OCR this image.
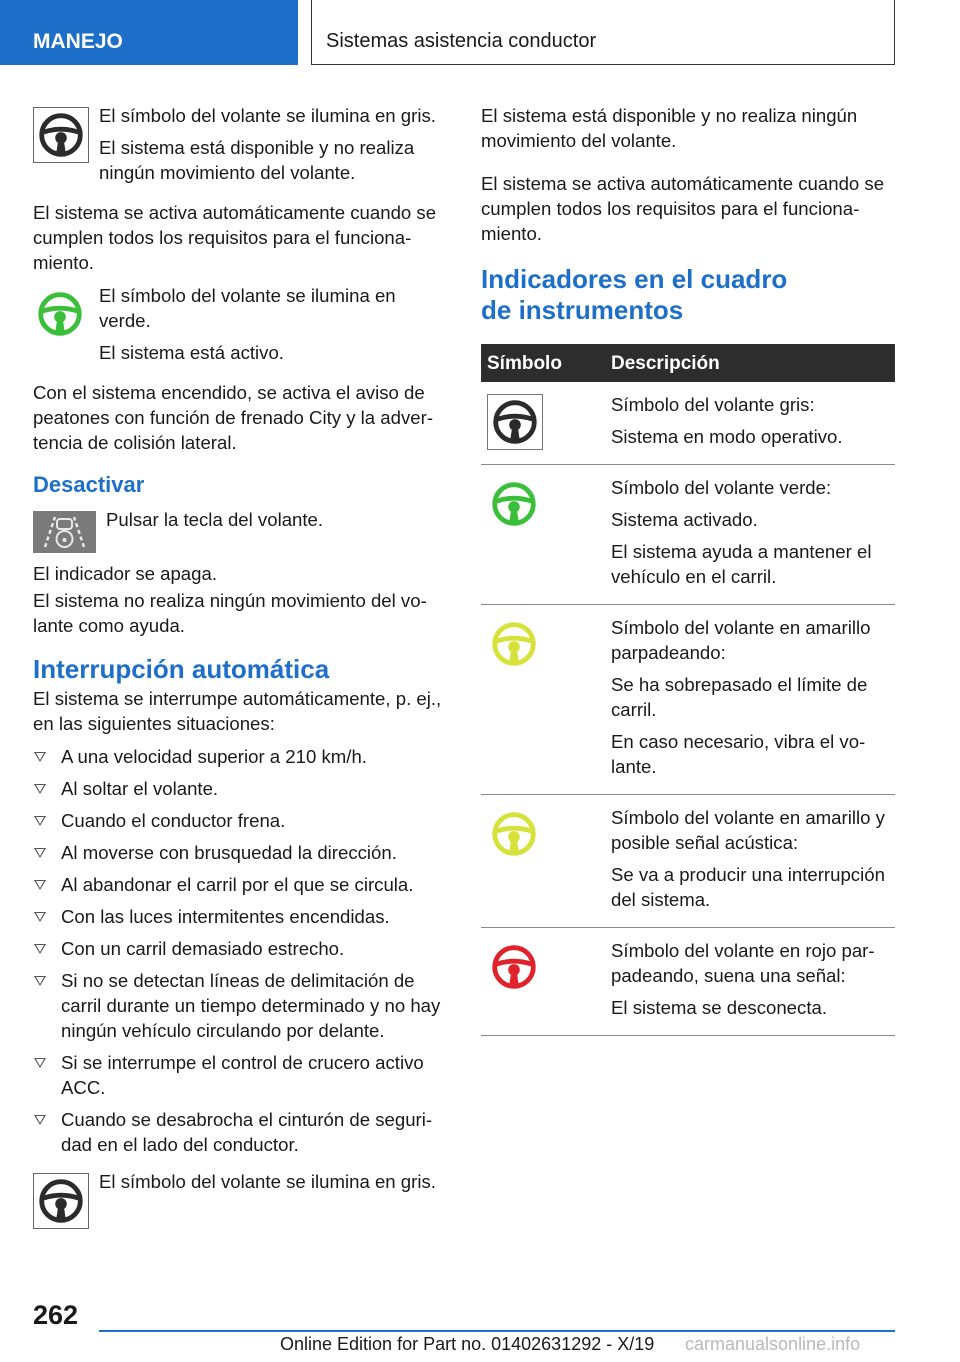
MANEJO	Sistemas asistencia conductor

El símbolo del volante se ilumina en gris.

El sistema está disponible y no realiza ningún movimiento del volante.

El sistema se activa automáticamente cuando se cumplen todos los requisitos para el funcionamiento.

El símbolo del volante se ilumina en verde.

El sistema está activo.

Con el sistema encendido, se activa el aviso de peatones con función de frenado City y la advertencia de colisión lateral.

Desactivar

Pulsar la tecla del volante.

El indicador se apaga.

El sistema no realiza ningún movimiento del volante como ayuda.

Interrupción automática

El sistema se interrumpe automáticamente, p. ej., en las siguientes situaciones:

A una velocidad superior a 210 km/h.
Al soltar el volante.
Cuando el conductor frena.
Al moverse con brusquedad la dirección.
Al abandonar el carril por el que se circula.
Con las luces intermitentes encendidas.
Con un carril demasiado estrecho.
Si no se detectan líneas de delimitación de carril durante un tiempo determinado y no hay ningún vehículo circulando por delante.
Si se interrumpe el control de crucero activo ACC.
Cuando se desabrocha el cinturón de seguridad en el lado del conductor.

El símbolo del volante se ilumina en gris.

El sistema está disponible y no realiza ningún movimiento del volante.

El sistema se activa automáticamente cuando se cumplen todos los requisitos para el funcionamiento.

Indicadores en el cuadro
de instrumentos
Símbolo	Descripción

Símbolo del volante gris:

Sistema en modo operativo.

Símbolo del volante verde:

Sistema activado.

El sistema ayuda a mantener el vehículo en el carril.

Símbolo del volante en amarillo parpadeando:

Se ha sobrepasado el límite de carril.

En caso necesario, vibra el volante.

Símbolo del volante en amarillo y posible señal acústica:

Se va a producir una interrupción del sistema.

Símbolo del volante en rojo parpadeando, suena una señal:

El sistema se desconecta.

262
Online Edition for Part no. 01402631292 - X/19 carmanualsonline.info
